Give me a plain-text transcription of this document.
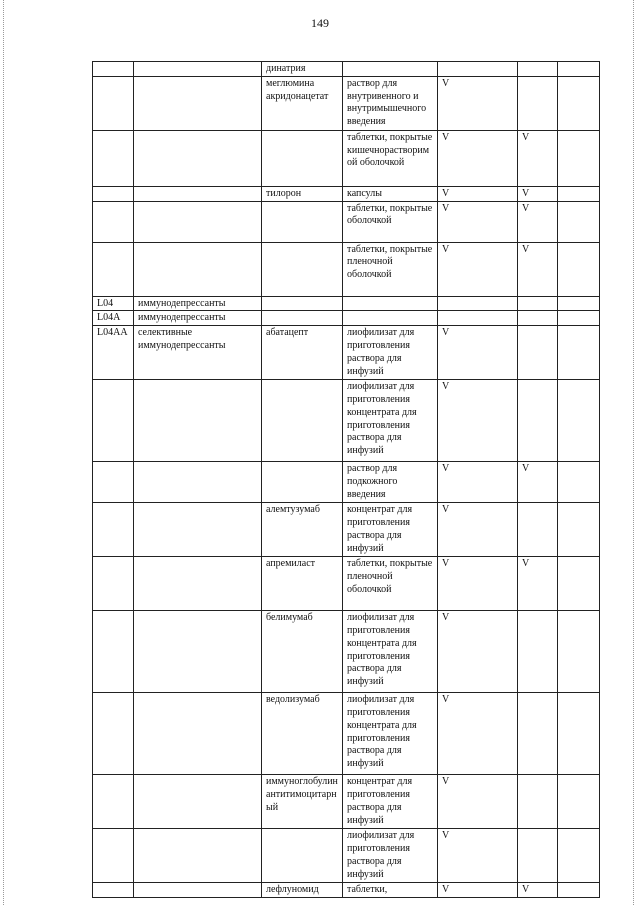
149
		динатрия				
		меглюмина акридонацетат	раствор для внутривенного и внутримышечного введения	V		
			таблетки, покрытые кишечнорастворимой оболочкой	V	V	
		тилорон	капсулы	V	V	
			таблетки, покрытые оболочкой	V	V	
			таблетки, покрытые пленочной оболочкой	V	V	
L04	иммунодепрессанты					
L04A	иммунодепрессанты					
L04AA	селективные иммунодепрессанты	абатацепт	лиофилизат для приготовления раствора для инфузий	V		
			лиофилизат для приготовления концентрата для приготовления раствора для инфузий	V		
			раствор для подкожного введения	V	V	
		алемтузумаб	концентрат для приготовления раствора для инфузий	V		
		апремиласт	таблетки, покрытые пленочной оболочкой	V	V	
		белимумаб	лиофилизат для приготовления концентрата для приготовления раствора для инфузий	V		
		ведолизумаб	лиофилизат для приготовления концентрата для приготовления раствора для инфузий	V		
		иммуноглобулин антитимоцитарный	концентрат для приготовления раствора для инфузий	V		
			лиофилизат для приготовления раствора для инфузий	V		
		лефлуномид	таблетки,	V	V	
